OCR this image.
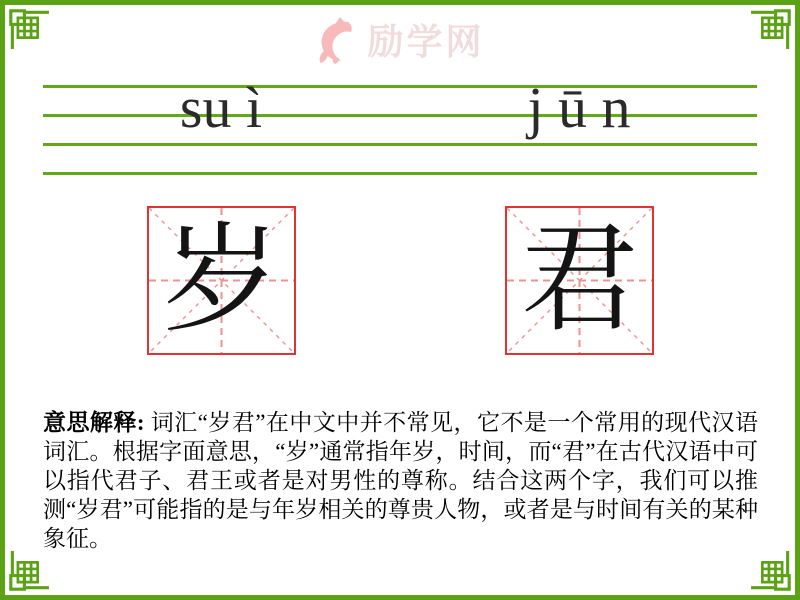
励学网
su ì	j ū n
岁 君

意思解释: 词汇“岁君”在中文中并不常见，它不是一个常用的现代汉语词汇。根据字面意思，“岁”通常指年岁，时间，而“君”在古代汉语中可以指代君子、君王或者是对男性的尊称。结合这两个字，我们可以推测“岁君”可能指的是与年岁相关的尊贵人物，或者是与时间有关的某种象征。
